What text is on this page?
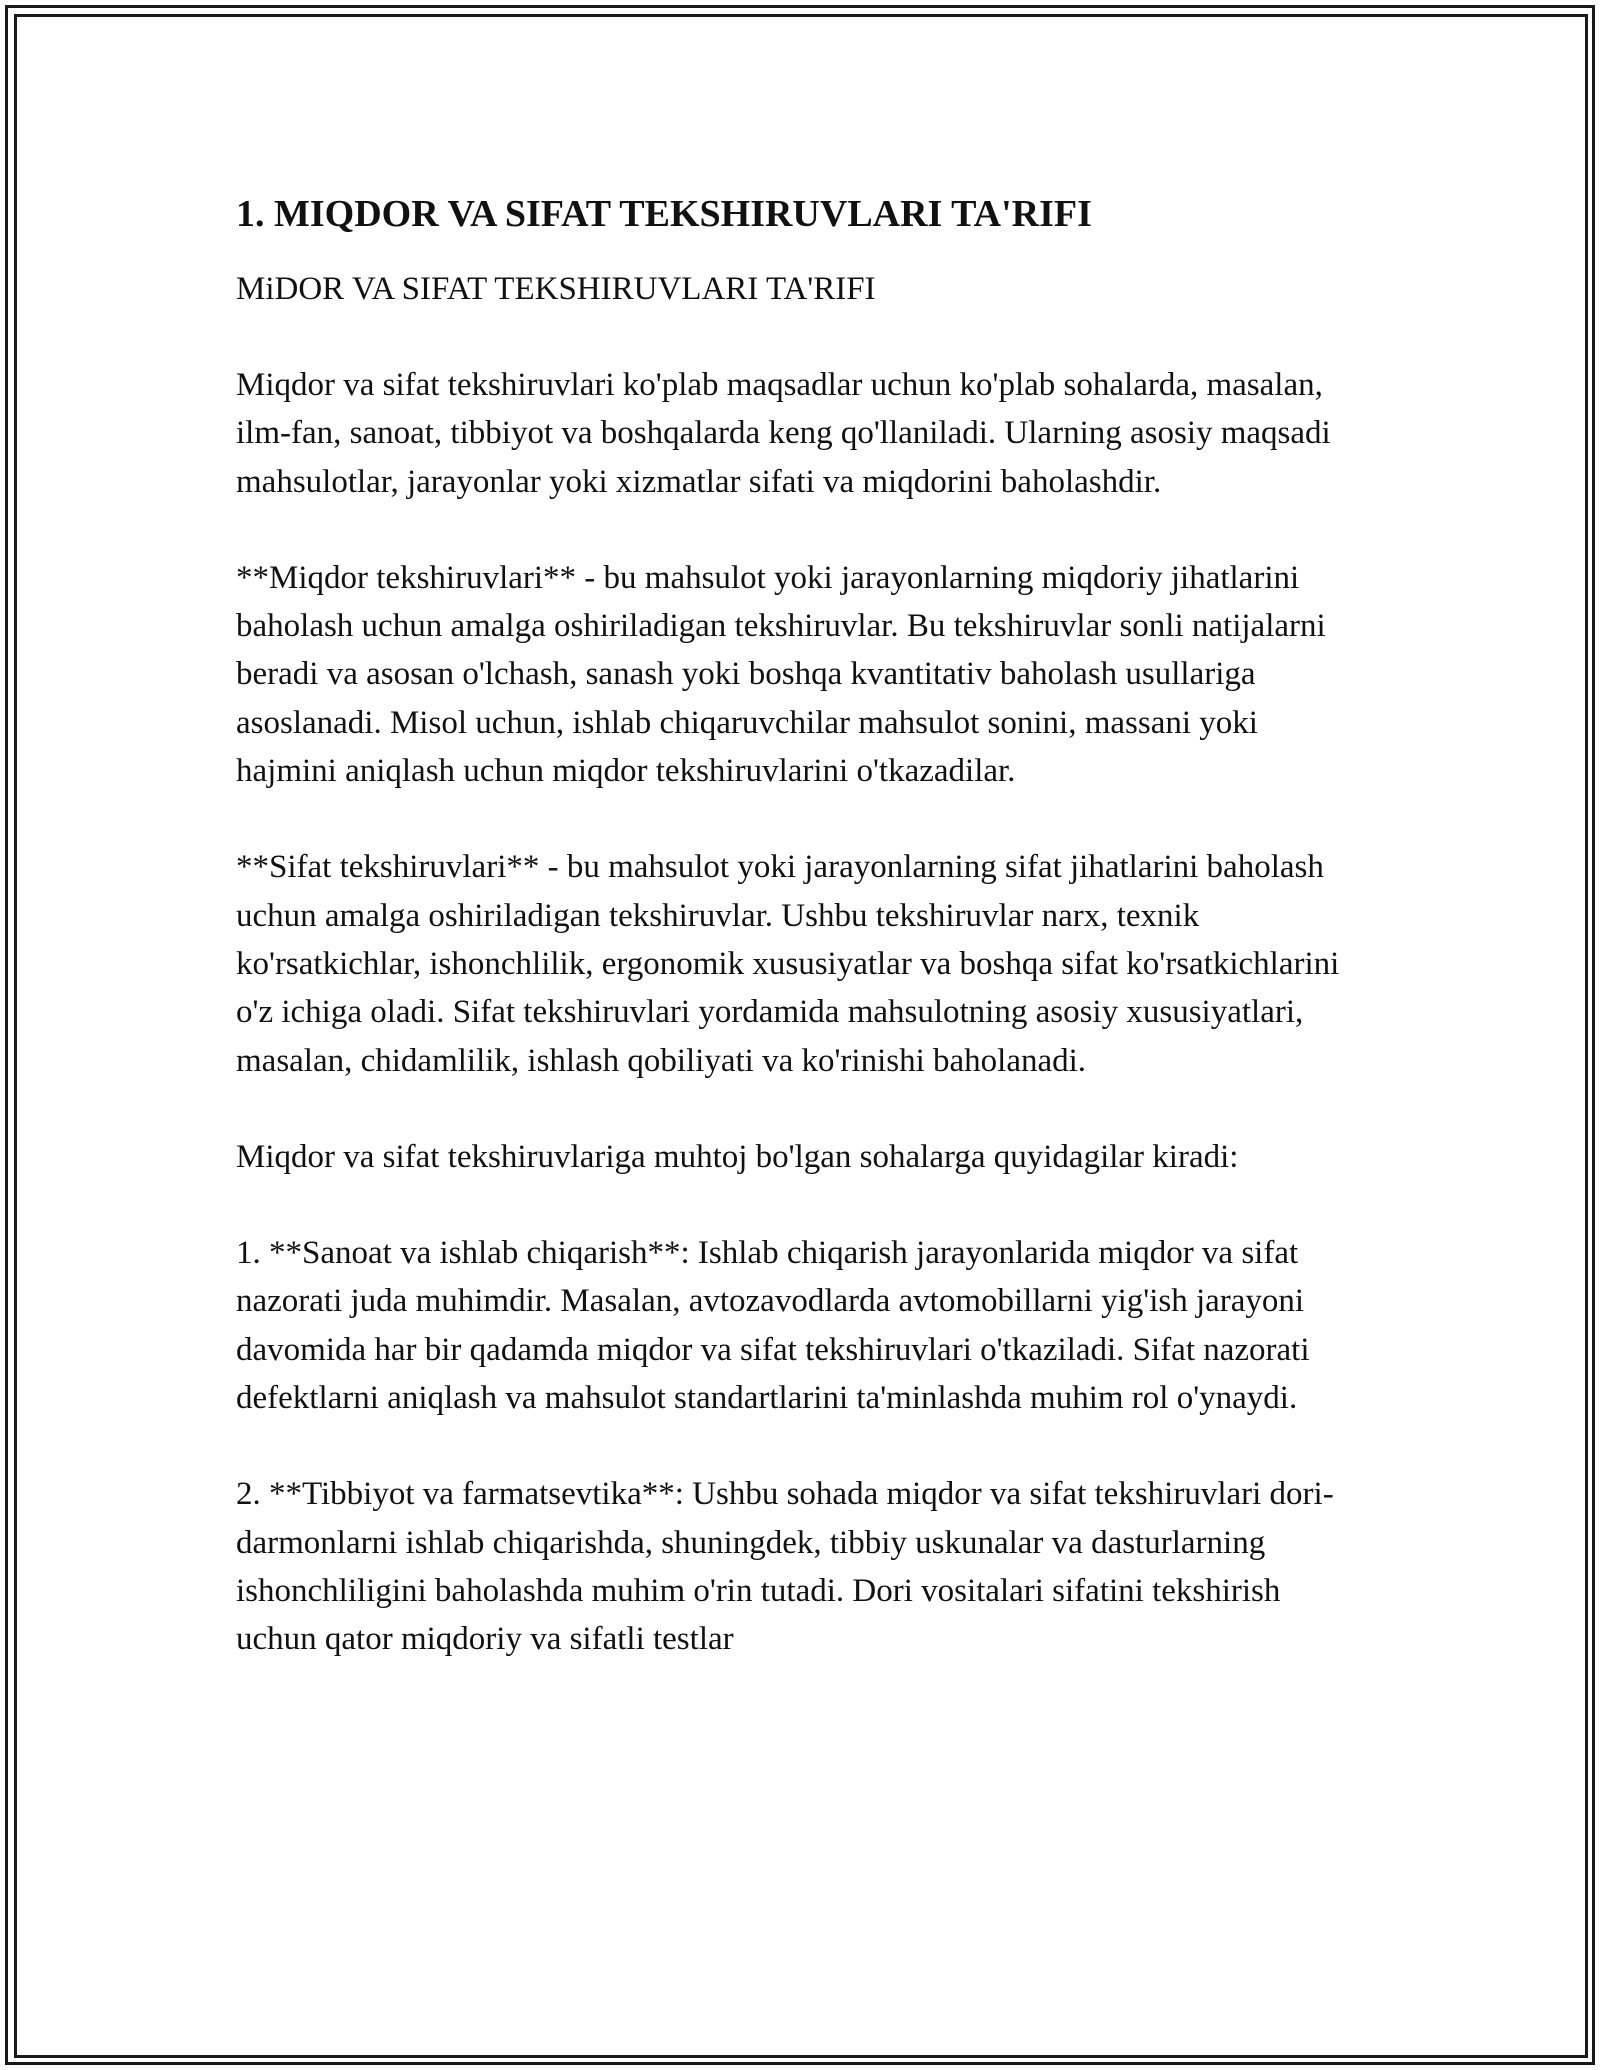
1. MIQDOR VA SIFAT TEKSHIRUVLARI TA'RIFI
MiDOR VA SIFAT TEKSHIRUVLARI TA'RIFI

Miqdor va sifat tekshiruvlari ko'plab maqsadlar uchun ko'plab sohalarda, masalan, ilm-fan, sanoat, tibbiyot va boshqalarda keng qo'llaniladi. Ularning asosiy maqsadi mahsulotlar, jarayonlar yoki xizmatlar sifati va miqdorini baholashdir.

**Miqdor tekshiruvlari** - bu mahsulot yoki jarayonlarning miqdoriy jihatlarini baholash uchun amalga oshiriladigan tekshiruvlar. Bu tekshiruvlar sonli natijalarni beradi va asosan o'lchash, sanash yoki boshqa kvantitativ baholash usullariga asoslanadi. Misol uchun, ishlab chiqaruvchilar mahsulot sonini, massani yoki hajmini aniqlash uchun miqdor tekshiruvlarini o'tkazadilar.

**Sifat tekshiruvlari** - bu mahsulot yoki jarayonlarning sifat jihatlarini baholash uchun amalga oshiriladigan tekshiruvlar. Ushbu tekshiruvlar narx, texnik ko'rsatkichlar, ishonchlilik, ergonomik xususiyatlar va boshqa sifat ko'rsatkichlarini o'z ichiga oladi. Sifat tekshiruvlari yordamida mahsulotning asosiy xususiyatlari, masalan, chidamlilik, ishlash qobiliyati va ko'rinishi baholanadi.

Miqdor va sifat tekshiruvlariga muhtoj bo'lgan sohalarga quyidagilar kiradi:

1. **Sanoat va ishlab chiqarish**: Ishlab chiqarish jarayonlarida miqdor va sifat nazorati juda muhimdir. Masalan, avtozavodlarda avtomobillarni yig'ish jarayoni davomida har bir qadamda miqdor va sifat tekshiruvlari o'tkaziladi. Sifat nazorati defektlarni aniqlash va mahsulot standartlarini ta'minlashda muhim rol o'ynaydi.

2. **Tibbiyot va farmatsevtika**: Ushbu sohada miqdor va sifat tekshiruvlari dori-darmonlarni ishlab chiqarishda, shuningdek, tibbiy uskunalar va dasturlarning ishonchliligini baholashda muhim o'rin tutadi. Dori vositalari sifatini tekshirish uchun qator miqdoriy va sifatli testlar
